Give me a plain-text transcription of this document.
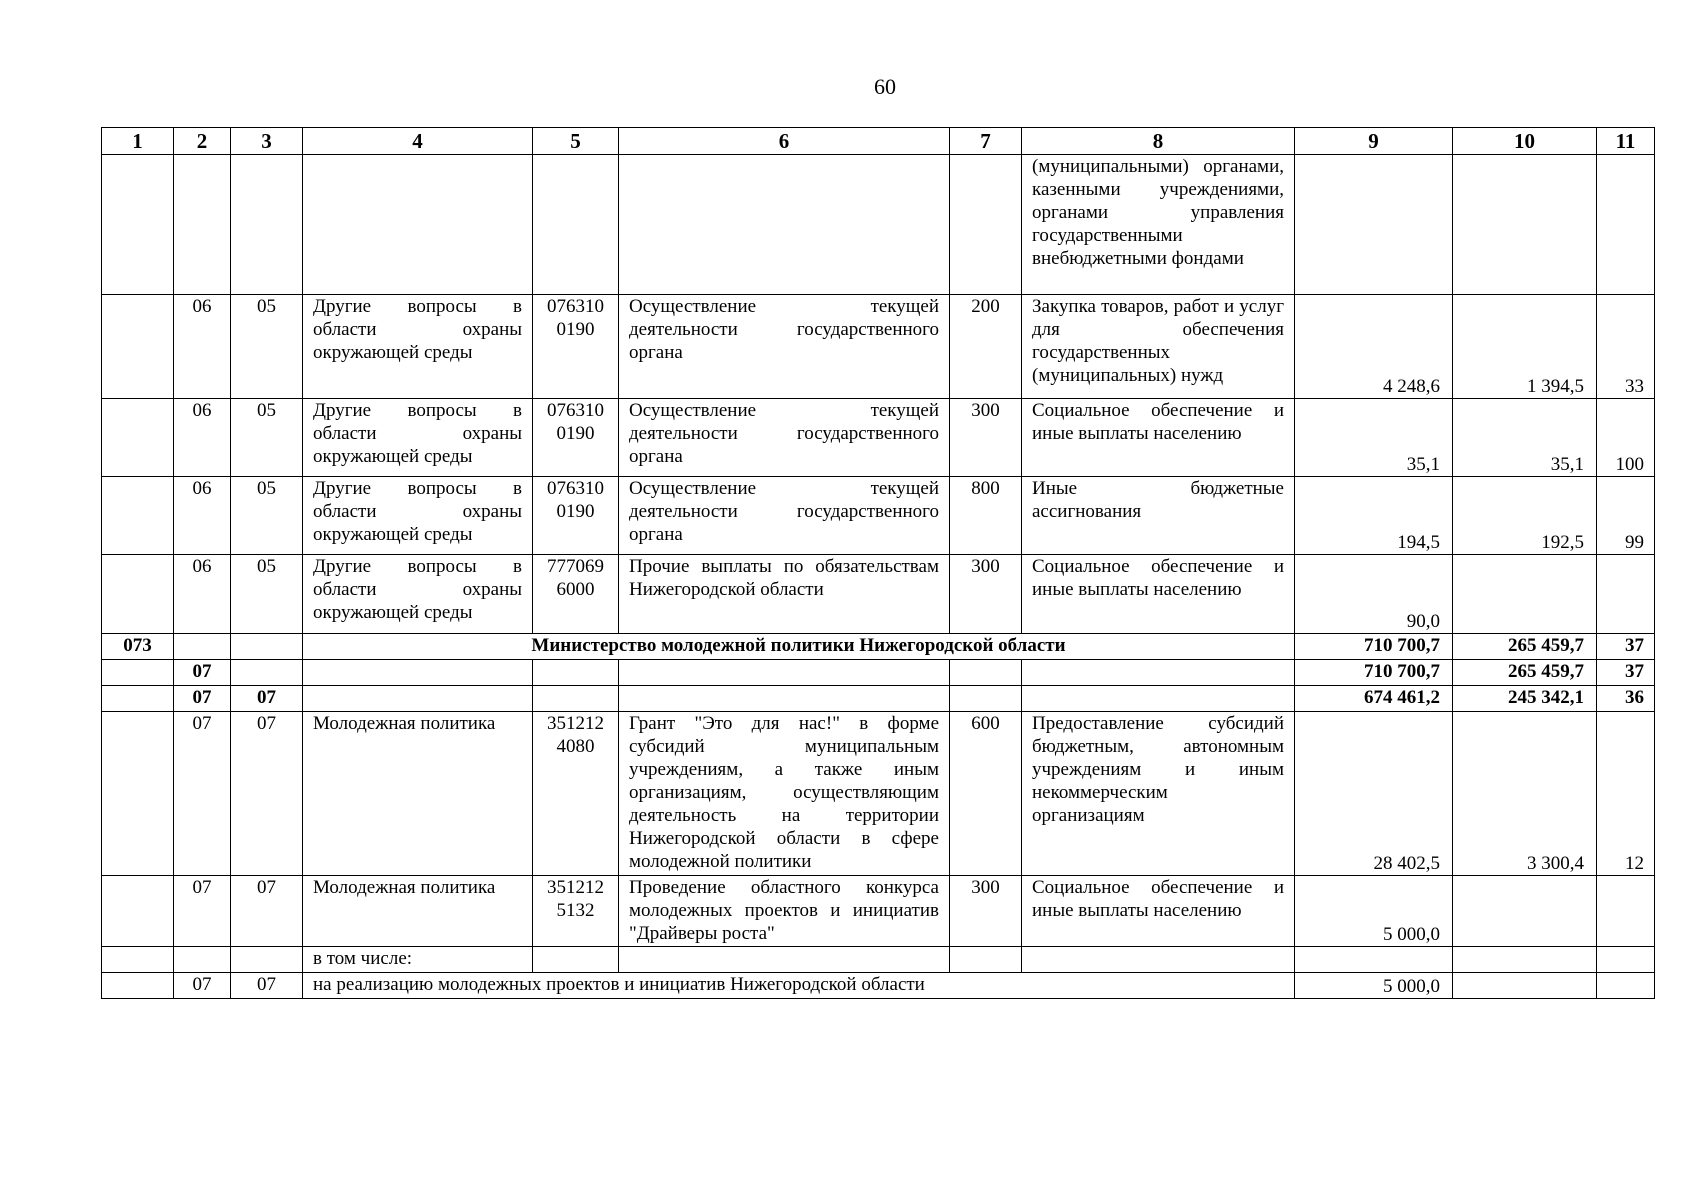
60
1	2	3	4	5	6	7	8	9	10	11
							(муниципальными) органами, казенными учреждениями, органами управления государственными внебюджетными фондами			
	06	05	Другие вопросы в области охраны окружающей среды	076310 0190	Осуществление текущей деятельности государственного органа	200	Закупка товаров, работ и услуг для обеспечения государственных (муниципальных) нужд	4 248,6	1 394,5	33
	06	05	Другие вопросы в области охраны окружающей среды	076310 0190	Осуществление текущей деятельности государственного органа	300	Социальное обеспечение и иные выплаты населению	35,1	35,1	100
	06	05	Другие вопросы в области охраны окружающей среды	076310 0190	Осуществление текущей деятельности государственного органа	800	Иные бюджетные ассигнования	194,5	192,5	99
	06	05	Другие вопросы в области охраны окружающей среды	777069 6000	Прочие выплаты по обязательствам Нижегородской области	300	Социальное обеспечение и иные выплаты населению	90,0		
073			Министерство молодежной политики Нижегородской области					710 700,7	265 459,7	37
	07							710 700,7	265 459,7	37
	07	07						674 461,2	245 342,1	36
	07	07	Молодежная политика	351212 4080	Грант "Это для нас!" в форме субсидий муниципальным учреждениям, а также иным организациям, осуществляющим деятельность на территории Нижегородской области в сфере молодежной политики	600	Предоставление субсидий бюджетным, автономным учреждениям и иным некоммерческим организациям	28 402,5	3 300,4	12
	07	07	Молодежная политика	351212 5132	Проведение областного конкурса молодежных проектов и инициатив "Драйверы роста"	300	Социальное обеспечение и иные выплаты населению	5 000,0		
			в том числе:							
	07	07	на реализацию молодежных проектов и инициатив Нижегородской области					5 000,0		
